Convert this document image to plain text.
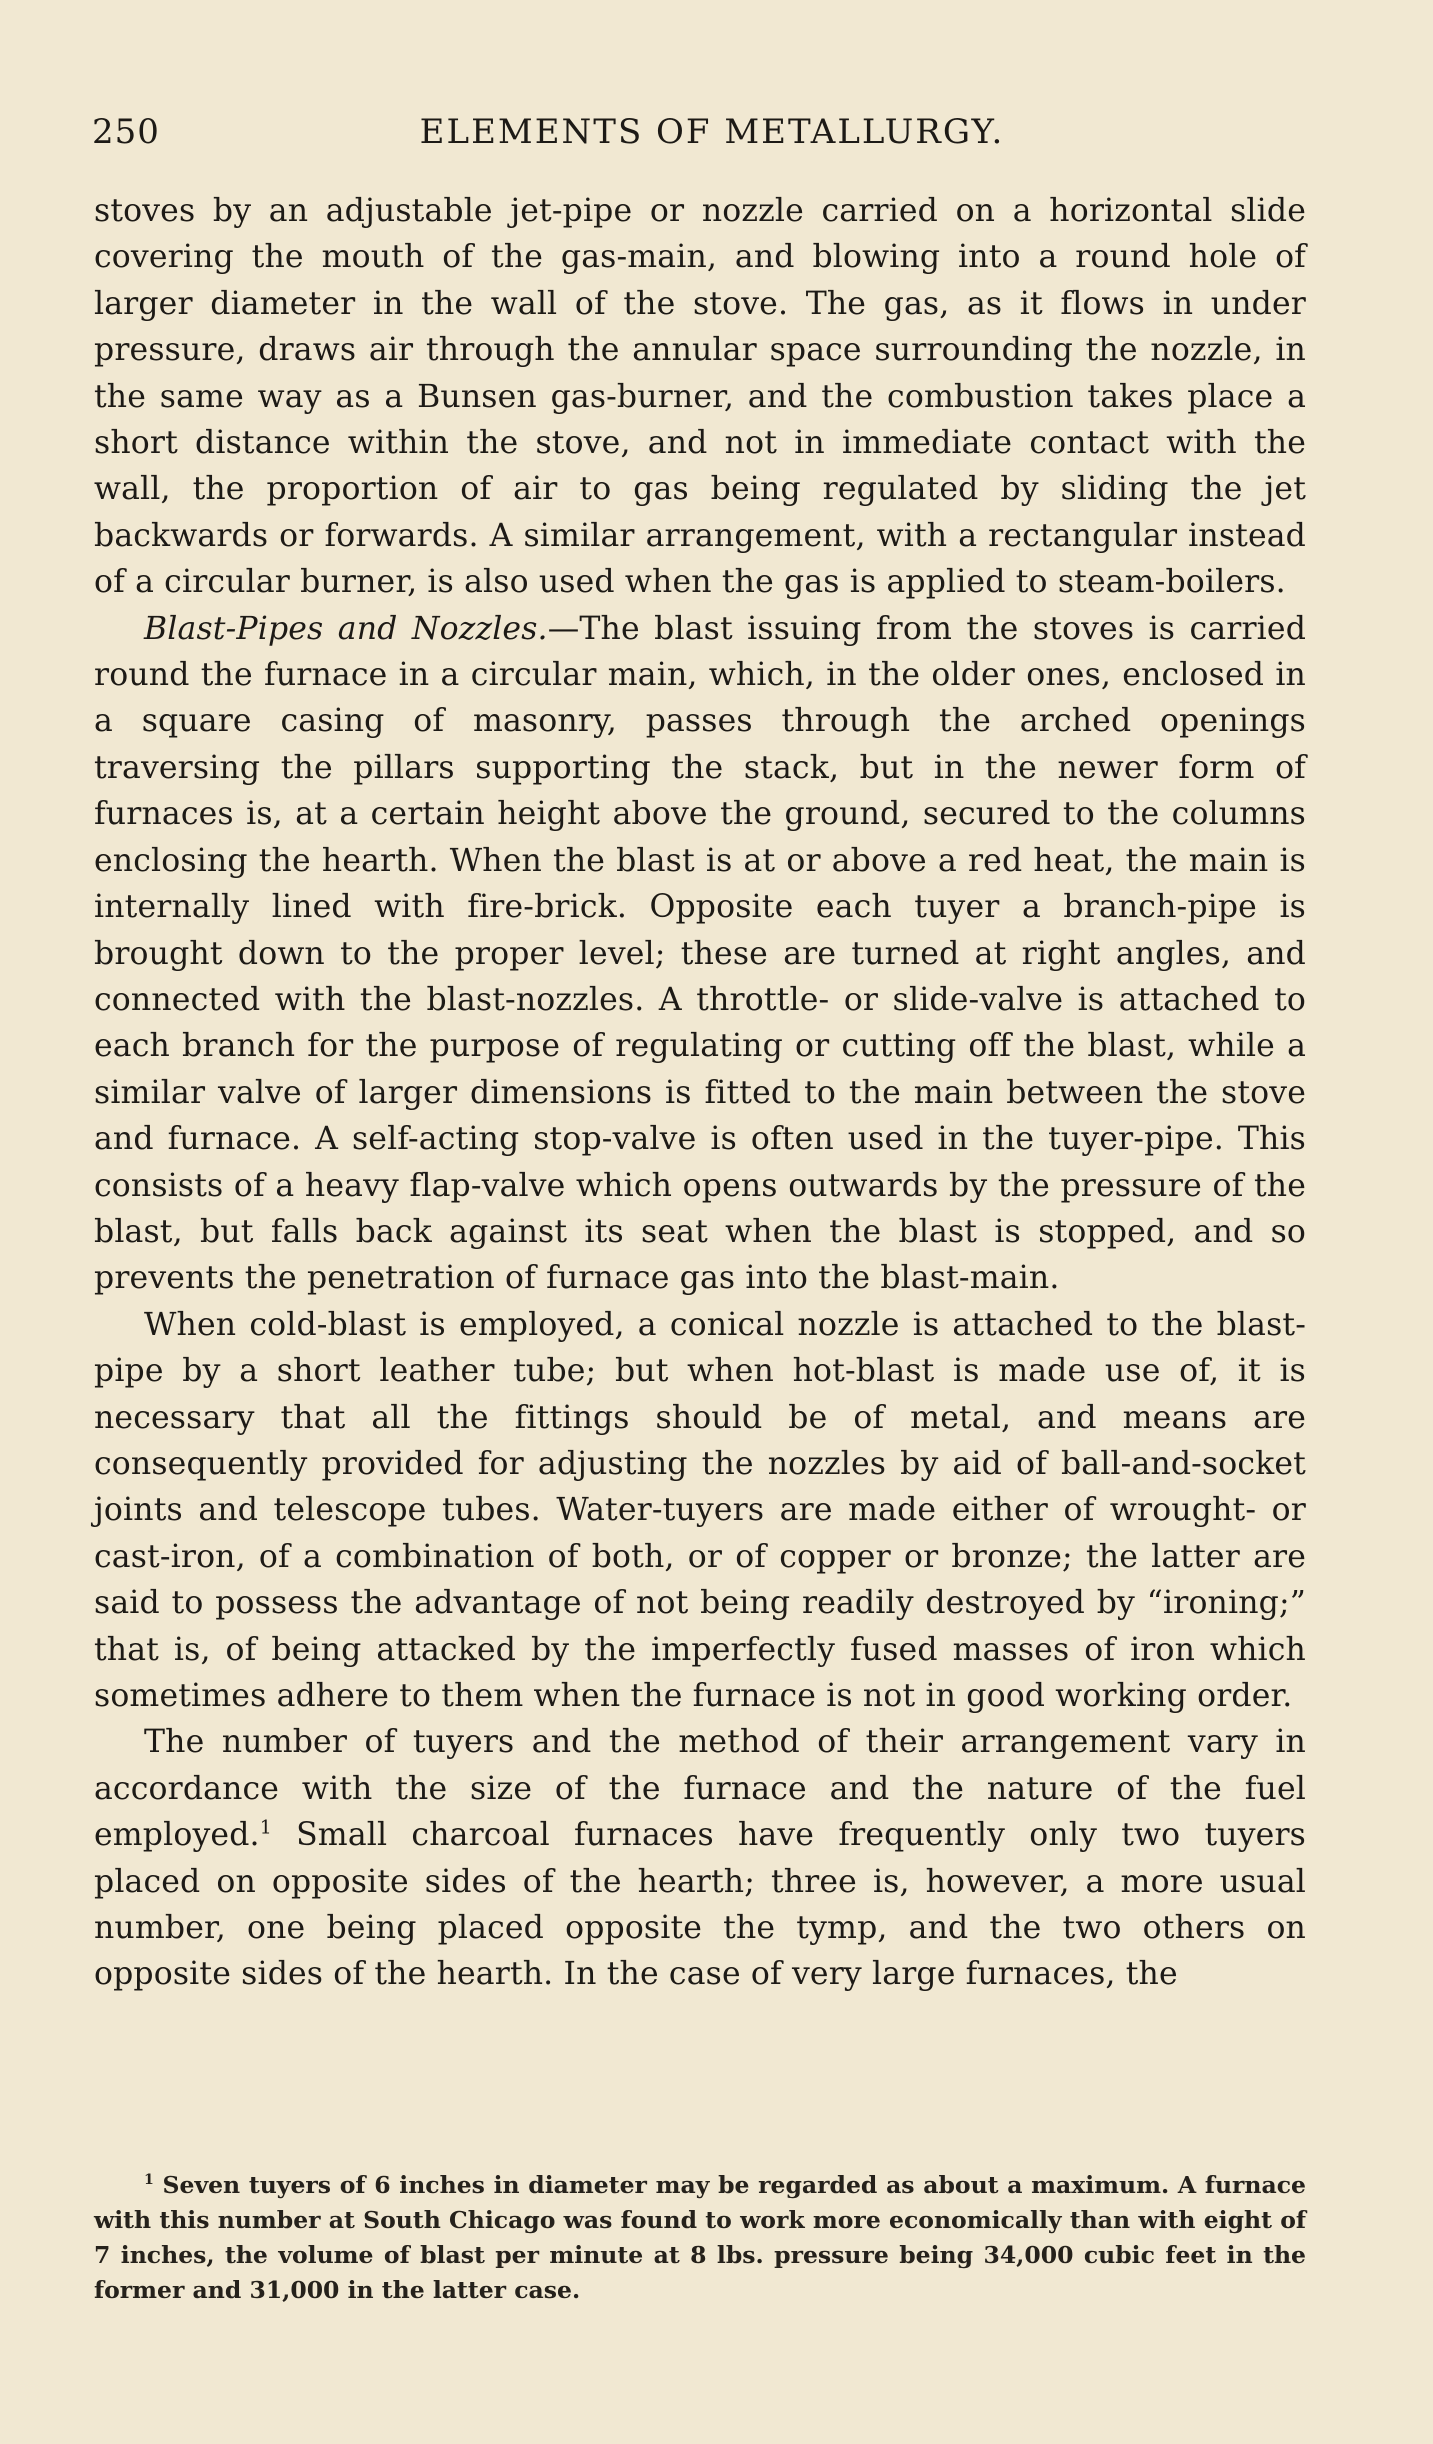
ELEMENTS OF METALLURGY.
250

stoves by an adjustable jet-pipe or nozzle carried on a horizontal slide covering the mouth of the gas-main, and blowing into a round hole of larger diameter in the wall of the stove. The gas, as it flows in under pressure, draws air through the annular space surrounding the nozzle, in the same way as a Bunsen gas-burner, and the combustion takes place a short distance within the stove, and not in immediate contact with the wall, the proportion of air to gas being regulated by sliding the jet backwards or forwards. A similar arrangement, with a rectangular instead of a circular burner, is also used when the gas is applied to steam-boilers.

Blast-Pipes and Nozzles.—The blast issuing from the stoves is carried round the furnace in a circular main, which, in the older ones, enclosed in a square casing of masonry, passes through the arched openings traversing the pillars supporting the stack, but in the newer form of furnaces is, at a certain height above the ground, secured to the columns enclosing the hearth. When the blast is at or above a red heat, the main is internally lined with fire-brick. Opposite each tuyer a branch-pipe is brought down to the proper level; these are turned at right angles, and connected with the blast-nozzles. A throttle- or slide-valve is attached to each branch for the purpose of regulating or cutting off the blast, while a similar valve of larger dimensions is fitted to the main between the stove and furnace. A self-acting stop-valve is often used in the tuyer-pipe. This consists of a heavy flap-valve which opens outwards by the pressure of the blast, but falls back against its seat when the blast is stopped, and so prevents the penetration of furnace gas into the blast-main.

When cold-blast is employed, a conical nozzle is attached to the blast-pipe by a short leather tube; but when hot-blast is made use of, it is necessary that all the fittings should be of metal, and means are consequently provided for adjusting the nozzles by aid of ball-and-socket joints and telescope tubes. Water-tuyers are made either of wrought- or cast-iron, of a combination of both, or of copper or bronze; the latter are said to possess the advantage of not being readily destroyed by “ironing;” that is, of being attacked by the imperfectly fused masses of iron which sometimes adhere to them when the furnace is not in good working order.

The number of tuyers and the method of their arrangement vary in accordance with the size of the furnace and the nature of the fuel employed.$^1$ Small charcoal furnaces have frequently only two tuyers placed on opposite sides of the hearth; three is, however, a more usual number, one being placed opposite the tymp, and the two others on opposite sides of the hearth. In the case of very large furnaces, the

$^1$ Seven tuyers of 6 inches in diameter may be regarded as about a maximum. A furnace with this number at South Chicago was found to work more economically than with eight of 7 inches, the volume of blast per minute at 8 lbs. pressure being 34,000 cubic feet in the former and 31,000 in the latter case.
